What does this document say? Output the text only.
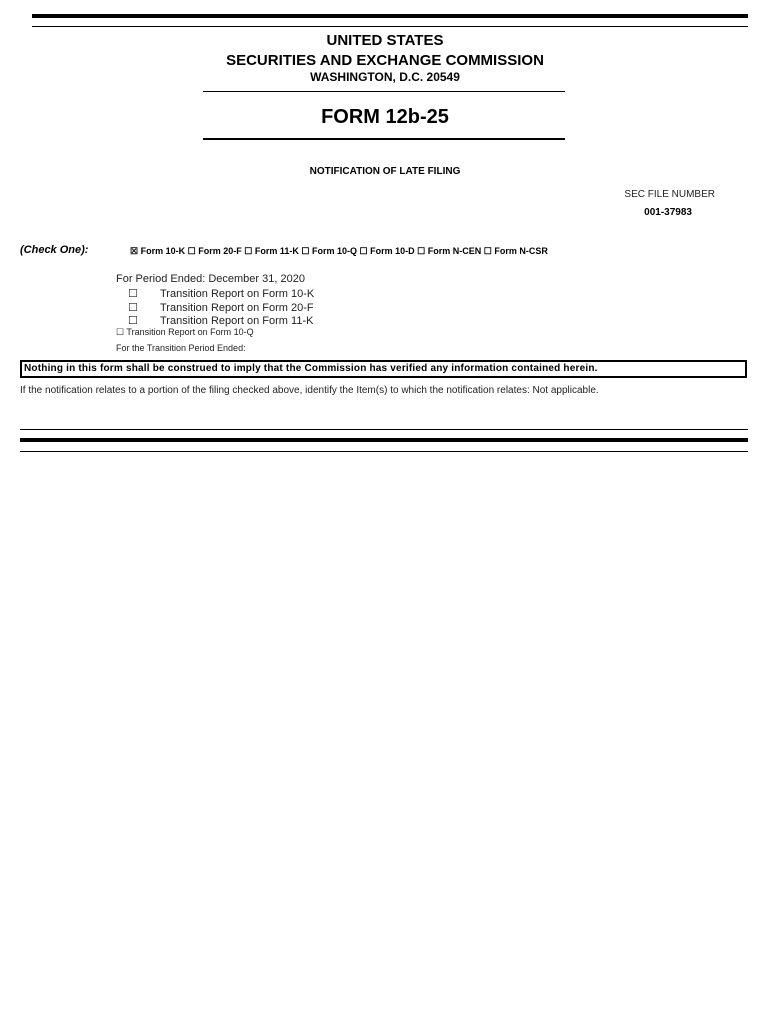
UNITED STATES
SECURITIES AND EXCHANGE COMMISSION
WASHINGTON, D.C. 20549
FORM 12b-25
NOTIFICATION OF LATE FILING
SEC FILE NUMBER
001-37983
(Check One):	☒ Form 10-K ☐ Form 20-F ☐ Form 11-K ☐ Form 10-Q ☐ Form 10-D ☐ Form N-CEN ☐ Form N-CSR
For Period Ended: December 31, 2020
☐ Transition Report on Form 10-K
☐ Transition Report on Form 20-F
☐ Transition Report on Form 11-K
☐ Transition Report on Form 10-Q
For the Transition Period Ended:
Nothing in this form shall be construed to imply that the Commission has verified any information contained herein.
If the notification relates to a portion of the filing checked above, identify the Item(s) to which the notification relates: Not applicable.
